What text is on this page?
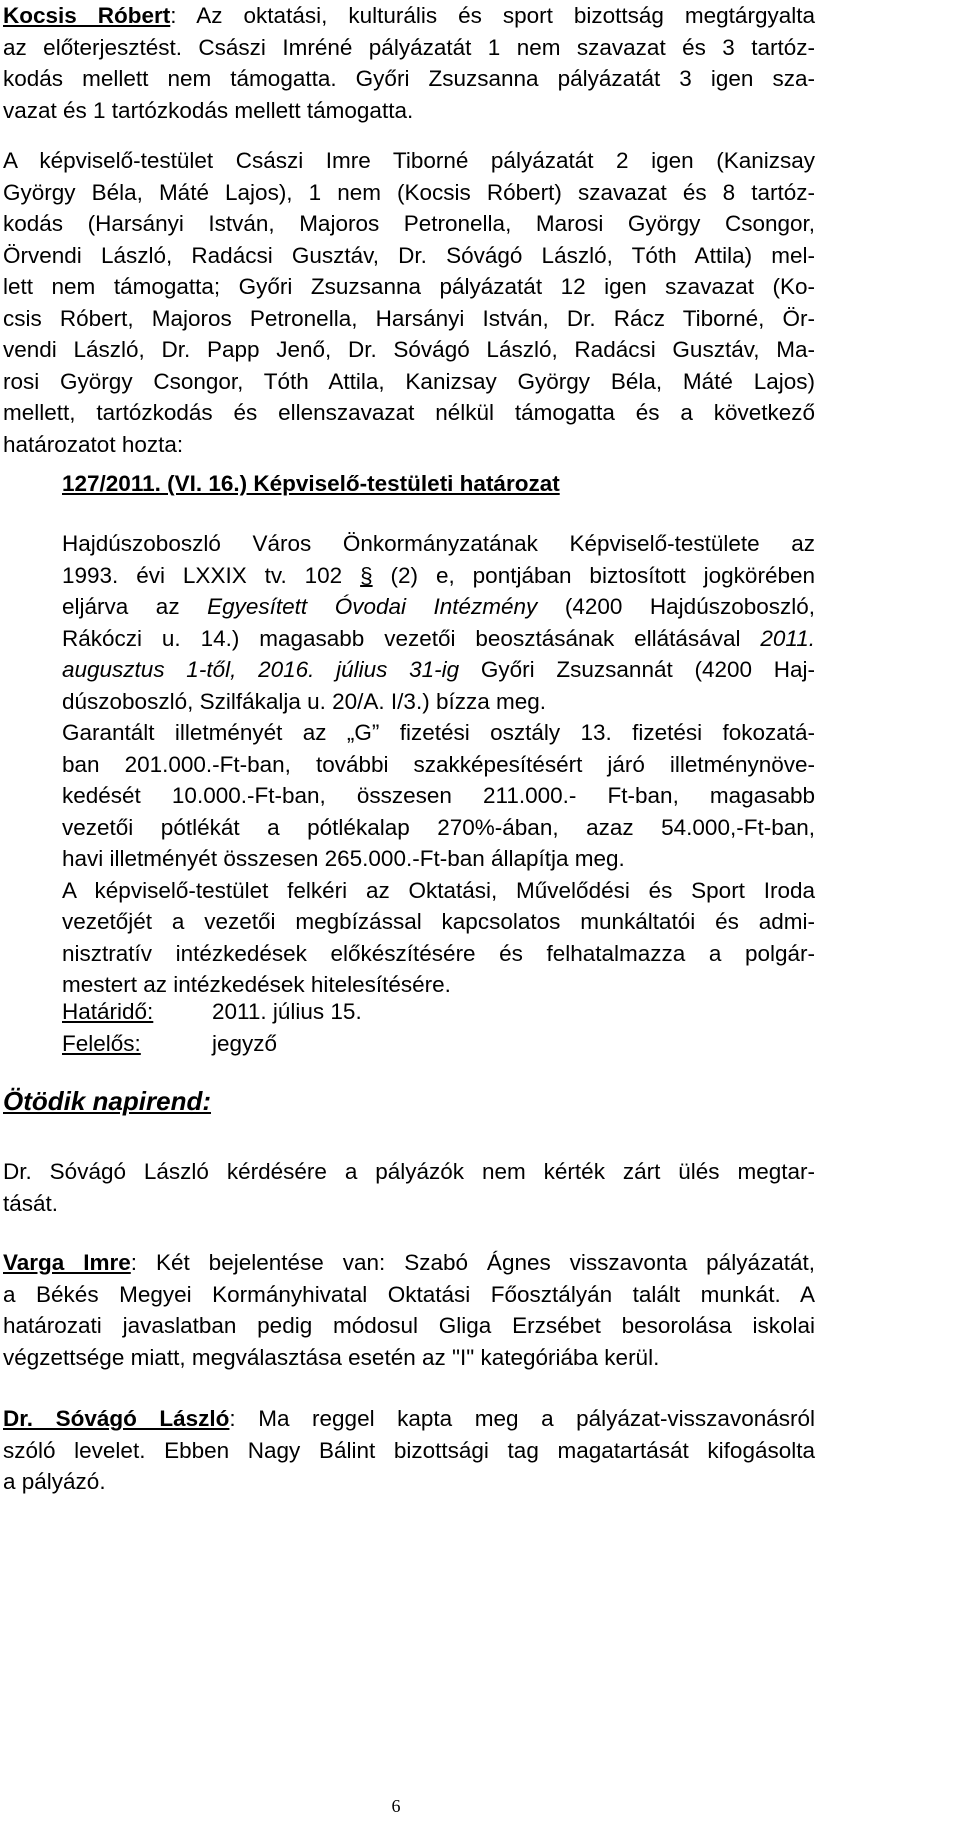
Kocsis Róbert: Az oktatási, kulturális és sport bizottság megtárgyalta
az előterjesztést. Császi Imréné pályázatát 1 nem szavazat és 3 tartóz-
kodás mellett nem támogatta. Győri Zsuzsanna pályázatát 3 igen sza-
vazat és 1 tartózkodás mellett támogatta.
A képviselő-testület Császi Imre Tiborné pályázatát 2 igen (Kanizsay
György Béla, Máté Lajos), 1 nem (Kocsis Róbert) szavazat és 8 tartóz-
kodás (Harsányi István, Majoros Petronella, Marosi György Csongor,
Örvendi László, Radácsi Gusztáv, Dr. Sóvágó László, Tóth Attila) mel-
lett nem támogatta; Győri Zsuzsanna pályázatát 12 igen szavazat (Ko-
csis Róbert, Majoros Petronella, Harsányi István, Dr. Rácz Tiborné, Ör-
vendi László, Dr. Papp Jenő, Dr. Sóvágó László, Radácsi Gusztáv, Ma-
rosi György Csongor, Tóth Attila, Kanizsay György Béla, Máté Lajos)
mellett, tartózkodás és ellenszavazat nélkül támogatta és a következő
határozatot hozta:
127/2011. (VI. 16.) Képviselő-testületi határozat
Hajdúszoboszló Város Önkormányzatának Képviselő-testülete az
1993. évi LXXIX tv. 102 § (2) e, pontjában biztosított jogkörében
eljárva az Egyesített Óvodai Intézmény (4200 Hajdúszoboszló,
Rákóczi u. 14.) magasabb vezetői beosztásának ellátásával 2011.
augusztus 1-től, 2016. július 31-ig Győri Zsuzsannát (4200 Haj-
dúszoboszló, Szilfákalja u. 20/A. I/3.) bízza meg.
Garantált illetményét az „G” fizetési osztály 13. fizetési fokozatá-
ban 201.000.-Ft-ban, további szakképesítésért járó illetménynöve-
kedését 10.000.-Ft-ban, összesen 211.000.- Ft-ban, magasabb
vezetői pótlékát a pótlékalap 270%-ában, azaz 54.000,-Ft-ban,
havi illetményét összesen 265.000.-Ft-ban állapítja meg.
A képviselő-testület felkéri az Oktatási, Művelődési és Sport Iroda
vezetőjét a vezetői megbízással kapcsolatos munkáltatói és admi-
nisztratív intézkedések előkészítésére és felhatalmazza a polgár-
mestert az intézkedések hitelesítésére.
Határidő:	2011. július 15.
Felelős:	jegyző
Ötödik napirend:
Dr. Sóvágó László kérdésére a pályázók nem kérték zárt ülés megtar-
tását.
Varga Imre: Két bejelentése van: Szabó Ágnes visszavonta pályázatát,
a Békés Megyei Kormányhivatal Oktatási Főosztályán talált munkát. A
határozati javaslatban pedig módosul Gliga Erzsébet besorolása iskolai
végzettsége miatt, megválasztása esetén az "I" kategóriába kerül.
Dr. Sóvágó László: Ma reggel kapta meg a pályázat-visszavonásról
szóló levelet. Ebben Nagy Bálint bizottsági tag magatartását kifogásolta
a pályázó.
6
